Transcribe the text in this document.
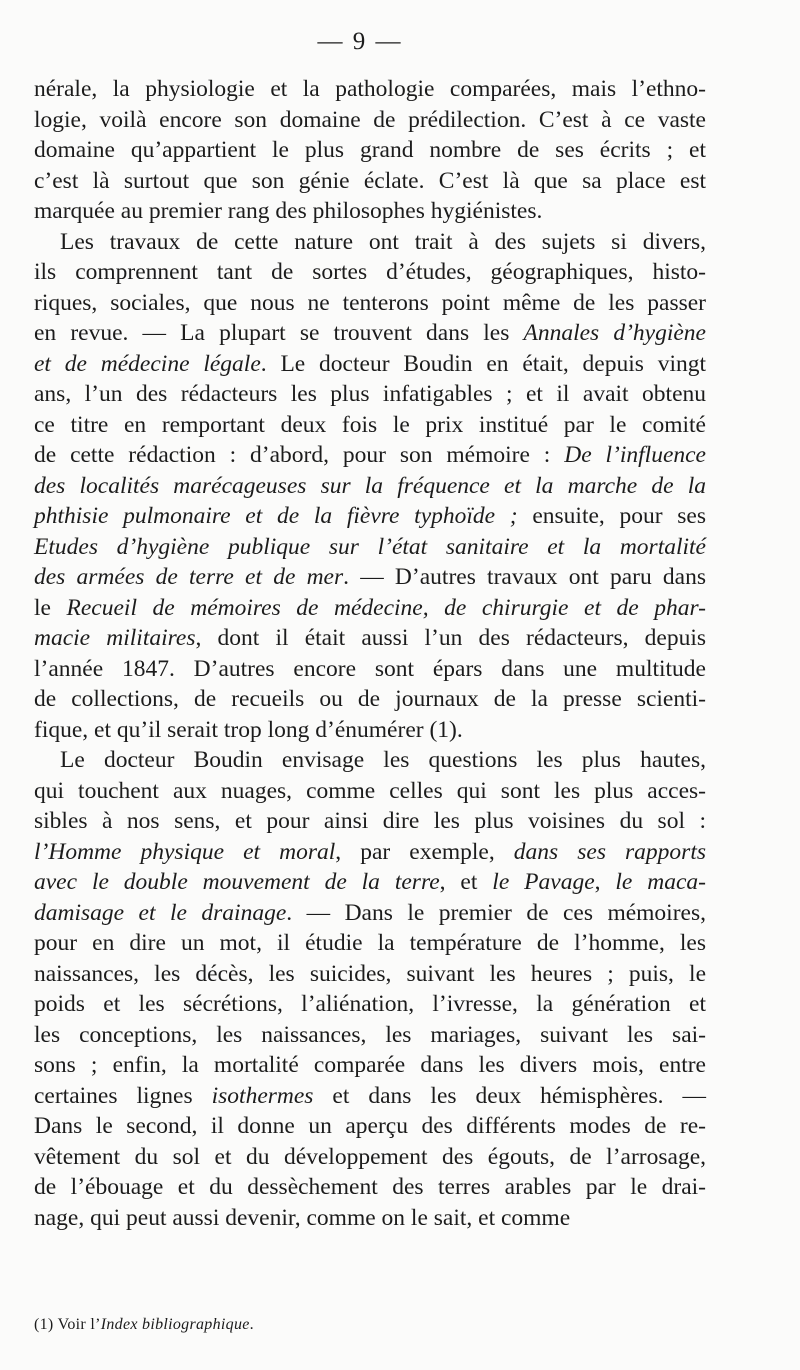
— 9 —
nérale, la physiologie et la pathologie comparées, mais l’ethno-
logie, voilà encore son domaine de prédilection. C’est à ce vaste
domaine qu’appartient le plus grand nombre de ses écrits ; et
c’est là surtout que son génie éclate. C’est là que sa place est
marquée au premier rang des philosophes hygiénistes.
Les travaux de cette nature ont trait à des sujets si divers,
ils comprennent tant de sortes d’études, géographiques, histo-
riques, sociales, que nous ne tenterons point même de les passer
en revue. — La plupart se trouvent dans les Annales d’hygiène
et de médecine légale. Le docteur Boudin en était, depuis vingt
ans, l’un des rédacteurs les plus infatigables ; et il avait obtenu
ce titre en remportant deux fois le prix institué par le comité
de cette rédaction : d’abord, pour son mémoire : De l’influence
des localités marécageuses sur la fréquence et la marche de la
phthisie pulmonaire et de la fièvre typhoïde ; ensuite, pour ses
Etudes d’hygiène publique sur l’état sanitaire et la mortalité
des armées de terre et de mer. — D’autres travaux ont paru dans
le Recueil de mémoires de médecine, de chirurgie et de phar-
macie militaires, dont il était aussi l’un des rédacteurs, depuis
l’année 1847. D’autres encore sont épars dans une multitude
de collections, de recueils ou de journaux de la presse scienti-
fique, et qu’il serait trop long d’énumérer (1).
Le docteur Boudin envisage les questions les plus hautes,
qui touchent aux nuages, comme celles qui sont les plus acces-
sibles à nos sens, et pour ainsi dire les plus voisines du sol :
l’Homme physique et moral, par exemple, dans ses rapports
avec le double mouvement de la terre, et le Pavage, le maca-
damisage et le drainage. — Dans le premier de ces mémoires,
pour en dire un mot, il étudie la température de l’homme, les
naissances, les décès, les suicides, suivant les heures ; puis, le
poids et les sécrétions, l’aliénation, l’ivresse, la génération et
les conceptions, les naissances, les mariages, suivant les sai-
sons ; enfin, la mortalité comparée dans les divers mois, entre
certaines lignes isothermes et dans les deux hémisphères. —
Dans le second, il donne un aperçu des différents modes de re-
vêtement du sol et du développement des égouts, de l’arrosage,
de l’ébouage et du dessèchement des terres arables par le drai-
nage, qui peut aussi devenir, comme on le sait, et comme
(1) Voir l’Index bibliographique.
